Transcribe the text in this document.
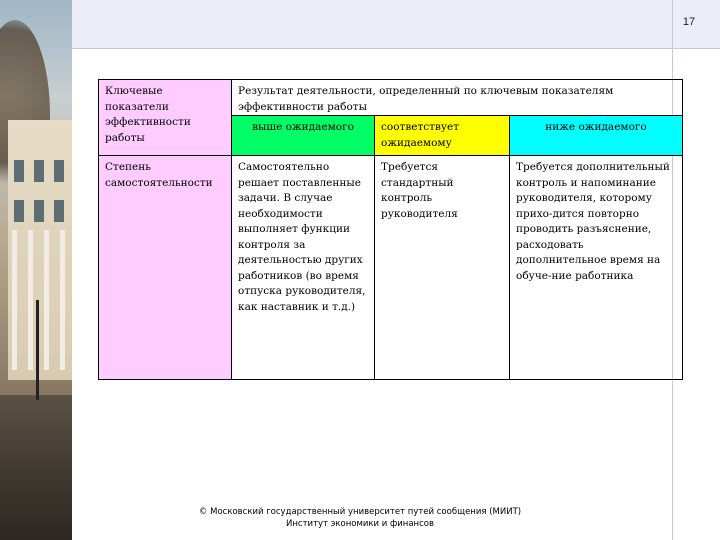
17
Ключевые показатели эффективности работы	Результат деятельности, определенный по ключевым показателям эффективности работы		
	выше ожидаемого	соответствует ожидаемому	ниже ожидаемого
Степень самостоятельности	Самостоятельно решает поставленные задачи. В случае необходимости выполняет функции контроля за деятельностью других работников (во время отпуска руководителя, как наставник и т.д.)	Требуется стандартный контроль руководителя	Требуется дополнительный контроль и напоминание руководителя, которому прихо-дится повторно проводить разъяснение, расходовать дополнительное время на обуче-ние работника
© Московский государственный университет путей сообщения (МИИТ)
Институт экономики и финансов
